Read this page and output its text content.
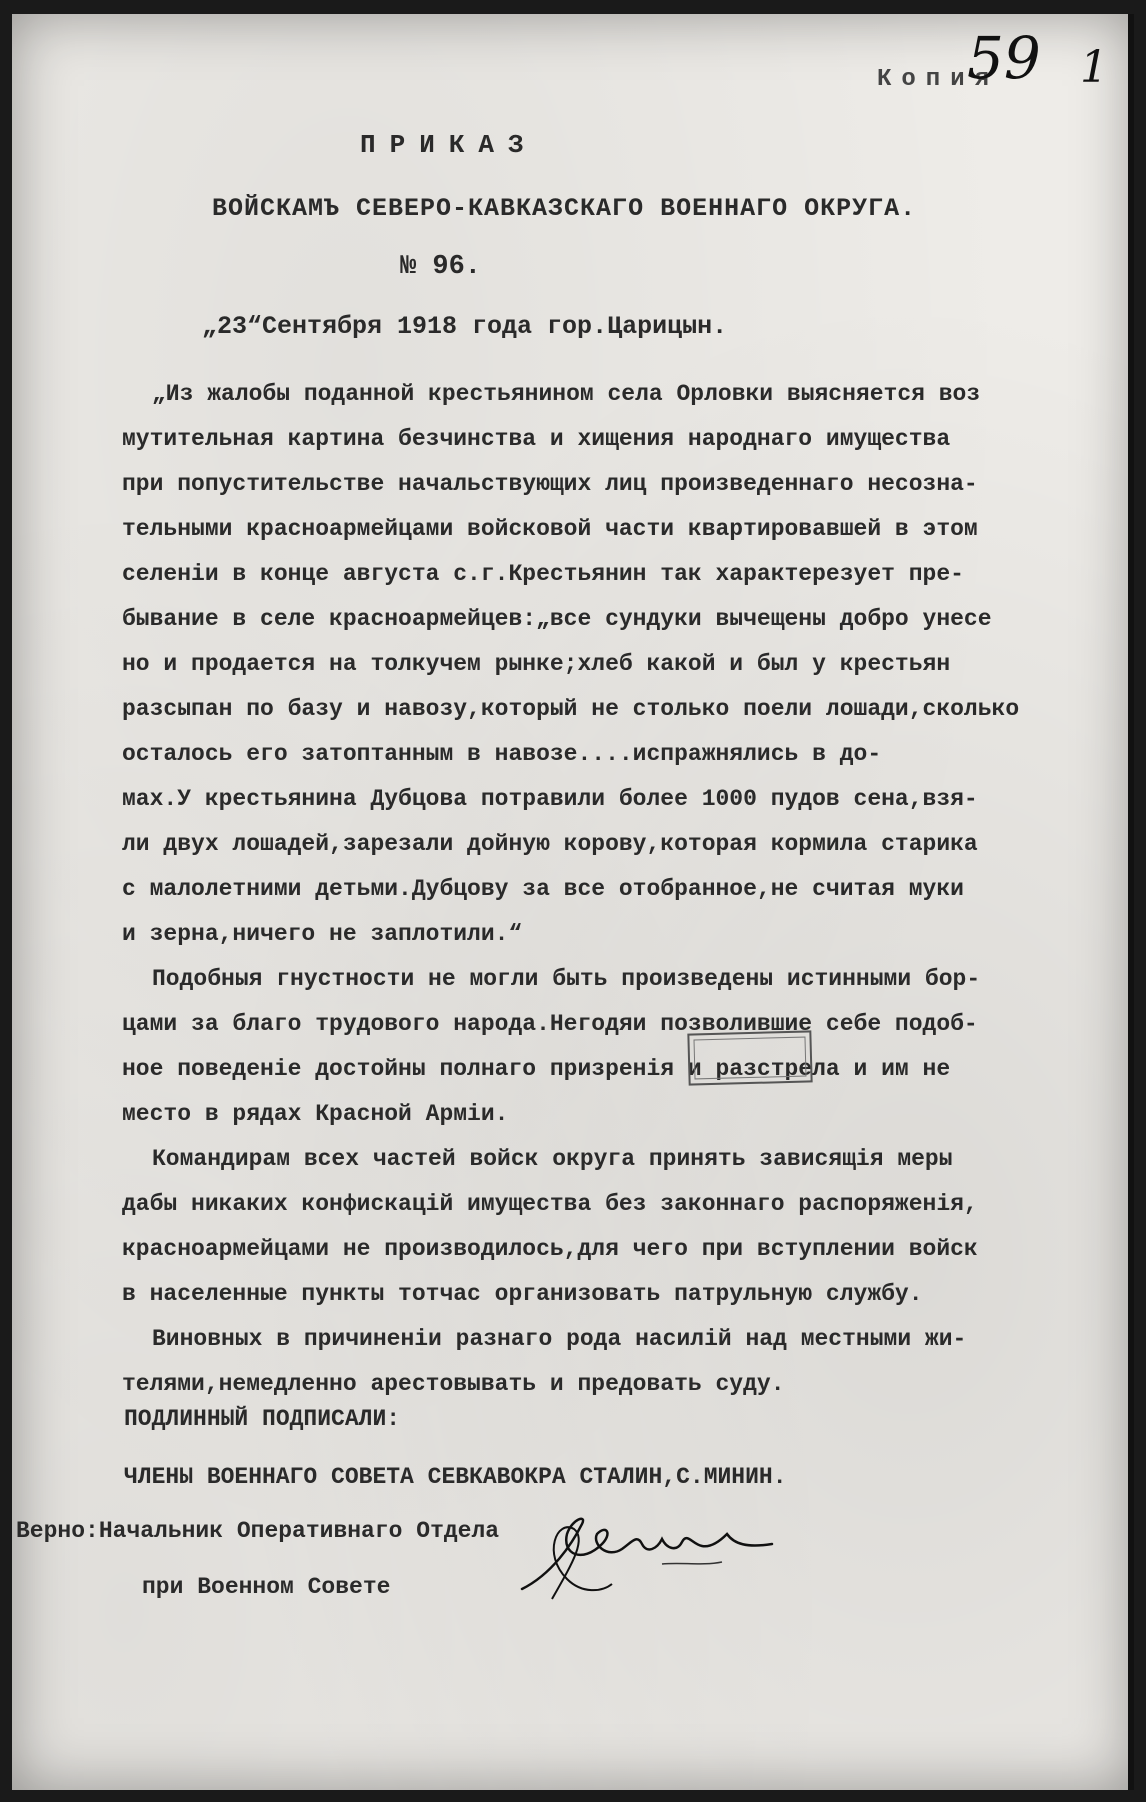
Копия
59 1
ПРИКАЗ
ВОЙСКАМЪ СЕВЕРО-КАВКАЗСКАГО ВОЕННАГО ОКРУГА.
№ 96.
„23“Сентября 1918 года гор.Царицын.
„Из жалобы поданной крестьянином села Орловки выясняется воз
мутительная картина безчинства и хищения народнаго имущества
при попустительстве начальствующих лиц произведеннаго несозна-
тельными красноармейцами войсковой части квартировавшей в этом
селеніи в конце августа с.г.Крестьянин так характерезует пре-
бывание в селе красноармейцев:„все сундуки вычещены добро унесе
но и продается на толкучем рынке;хлеб какой и был у крестьян
разсыпан по базу и навозу,который не столько поели лошади,сколько
осталось его затоптанным в навозе....испражнялись в до-
мах.У крестьянина Дубцова потравили более 1000 пудов сена,взя-
ли двух лошадей,зарезали дойную корову,которая кормила старика
с малолетними детьми.Дубцову за все отобранное,не считая муки
и зерна,ничего не заплотили.“
Подобныя гнустности не могли быть произведены истинными бор-
цами за благо трудового народа.Негодяи позволившие себе подоб-
ное поведеніе достойны полнаго призренія и разстрела и им не
место в рядах Красной Арміи.
Командирам всех частей войск округа принять зависящія меры
дабы никаких конфискацій имущества без законнаго распоряженія,
красноармейцами не производилось,для чего при вступлении войск
в населенные пункты тотчас организовать патрульную службу.
Виновных в причиненіи разнаго рода насилій над местными жи-
телями,немедленно арестовывать и предовать суду.
ПОДЛИННЫЙ ПОДПИСАЛИ:
ЧЛЕНЫ ВОЕННАГО СОВЕТА СЕВКАВОКРА СТАЛИН,С.МИНИН.
Верно:Начальник Оперативнаго Отдела
при Военном Совете
